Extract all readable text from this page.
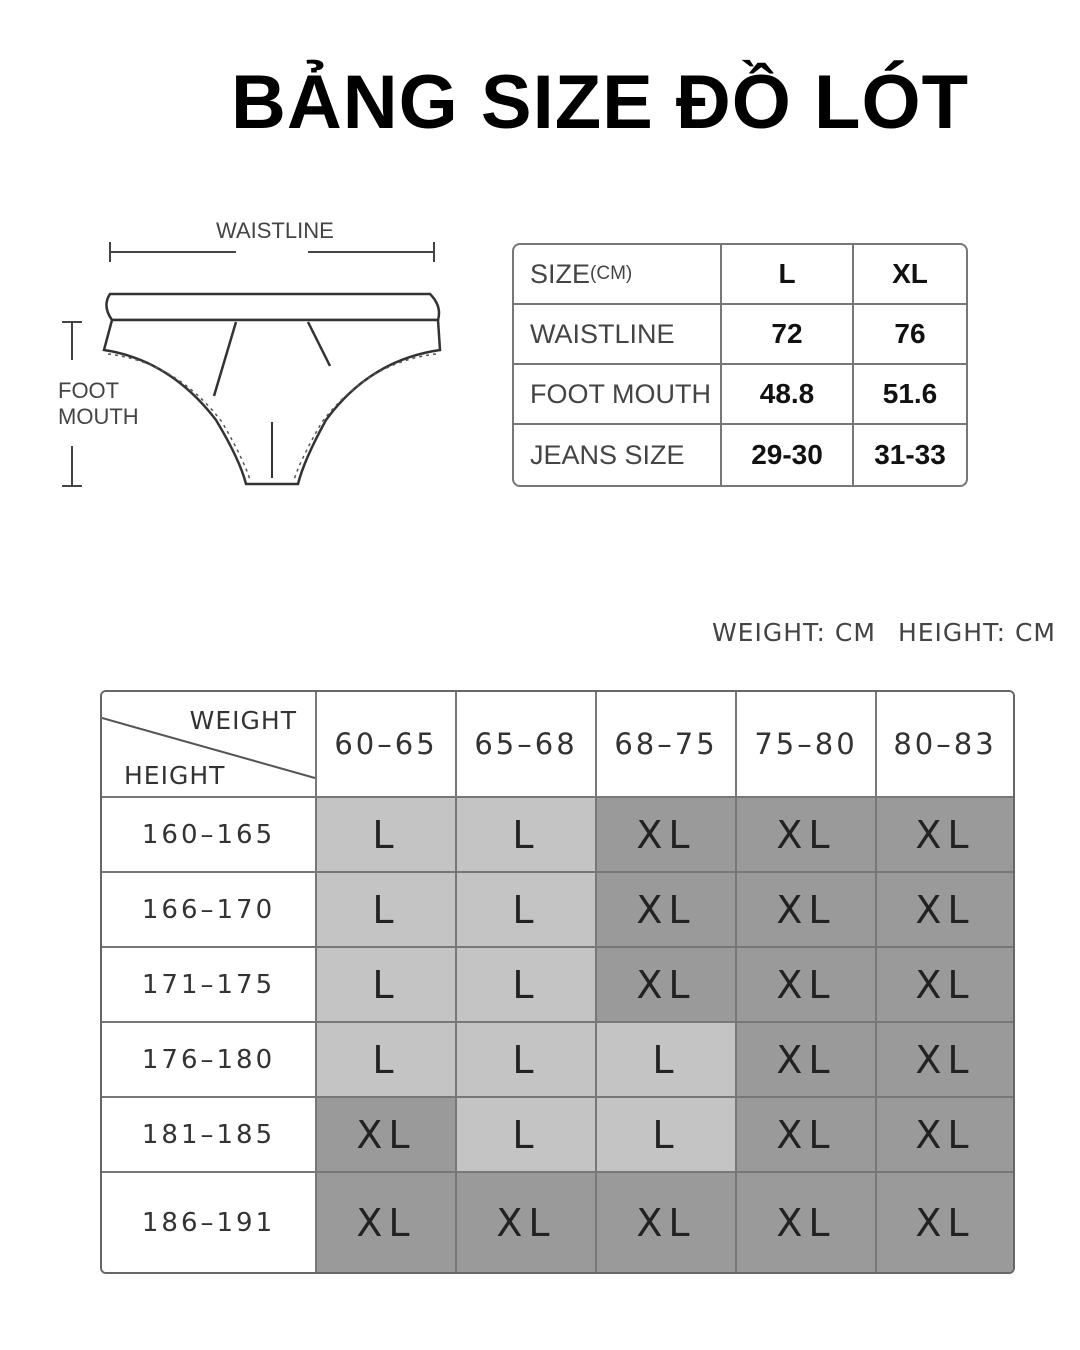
BẢNG SIZE ĐỒ LÓT
WAISTLINE
FOOT
MOUTH
SIZE (CM)	L	XL
WAISTLINE	72	76
FOOT MOUTH	48.8	51.6
JEANS SIZE	29-30	31-33
WEIGHT: CM HEIGHT: CM
WEIGHT
HEIGHT
60–65	65–68	68–75	75–80	80–83
160–165	L	L	XL	XL	XL
166–170	L	L	XL	XL	XL
171–175	L	L	XL	XL	XL
176–180	L	L	L	XL	XL
181–185	XL	L	L	XL	XL
186–191	XL	XL	XL	XL	XL
